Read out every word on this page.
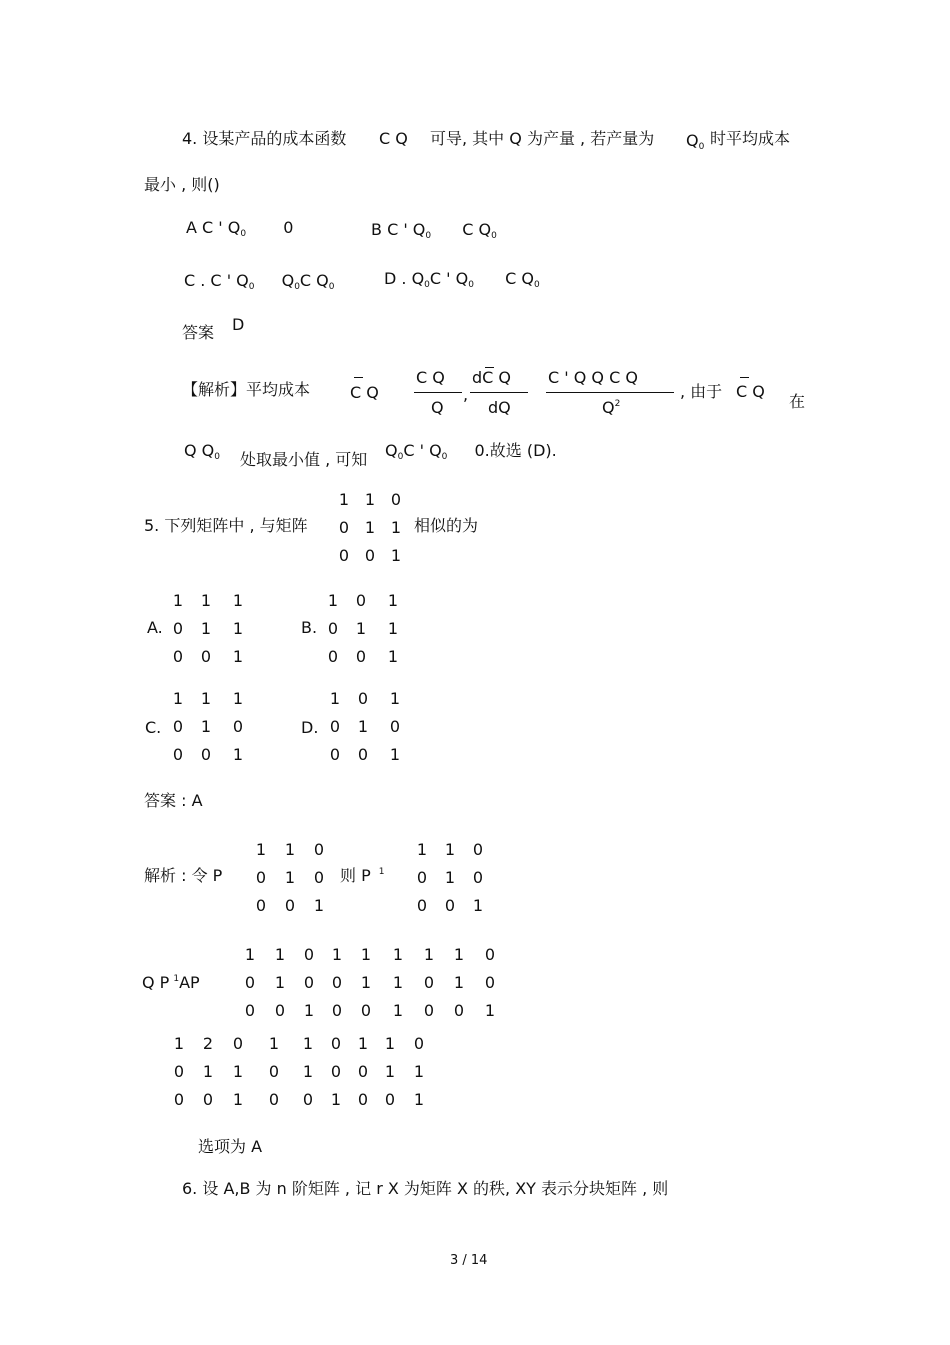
4. 设某产品的成本函数 C Q 可导, 其中 Q 为产量 , 若产量为 $Q_0$ 时平均成本
最小 , 则()
A C ' $Q_0$ 0	B C ' $Q_0$ C $Q_0$
C . C ' $Q_0$ $Q_0C$ $Q_0$	D . $Q_0C$ ' $Q_0$ C $Q_0$
答案 D
【解析】平均成本 C Q
C Q
Q
,
dC Q
dQ
C ' Q Q C Q
$Q^2$
, 由于 C Q
在
Q $Q_0$ 处取最小值 , 可知 $Q_0C$ ' $Q_0$ 0.故选 (D).
5. 下列矩阵中 , 与矩阵
1 1 0
0 1 1
0 0 1
相似的为
A.
1	1	1
0	1	1
0	0	1
B.
1	0	1
0	1	1
0	0	1
C.
1	1	1
0	1	0
0	0	1
D.
1	0	1
0	1	0
0	0	1
答案 : A
解析 : 令 P
1	1	0
0	1	0
0	0	1
则 P $^1$
1	1	0
0	1	0
0	0	1
Q P $^1$AP
1	1	0	1	1	1	1	1	0
0	1	0	0	1	1	0	1	0
0	0	1	0	0	1	0	0	1
1	2	0	1	1	0	1	1	0
0	1	1	0	1	0	0	1	1
0	0	1	0	0	1	0	0	1
选项为 A
6. 设 A,B 为 n 阶矩阵 , 记 r X 为矩阵 X 的秩, XY 表示分块矩阵 , 则
3 / 14
